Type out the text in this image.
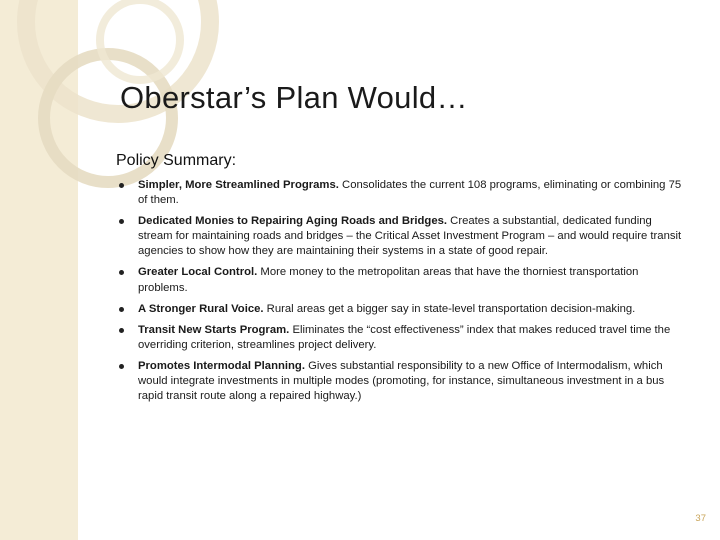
Oberstar’s Plan Would…
Policy Summary:
Simpler, More Streamlined Programs. Consolidates the current 108 programs, eliminating or combining 75 of them.
Dedicated Monies to Repairing Aging Roads and Bridges. Creates a substantial, dedicated funding stream for maintaining roads and bridges – the Critical Asset Investment Program – and would require transit agencies to show how they are maintaining their systems in a state of good repair.
Greater Local Control. More money to the metropolitan areas that have the thorniest transportation problems.
A Stronger Rural Voice. Rural areas get a bigger say in state-level transportation decision-making.
Transit New Starts Program. Eliminates the “cost effectiveness” index that makes reduced travel time the overriding criterion, streamlines project delivery.
Promotes Intermodal Planning. Gives substantial responsibility to a new Office of Intermodalism, which would integrate investments in multiple modes (promoting, for instance, simultaneous investment in a bus rapid transit route along a repaired highway.)
37
